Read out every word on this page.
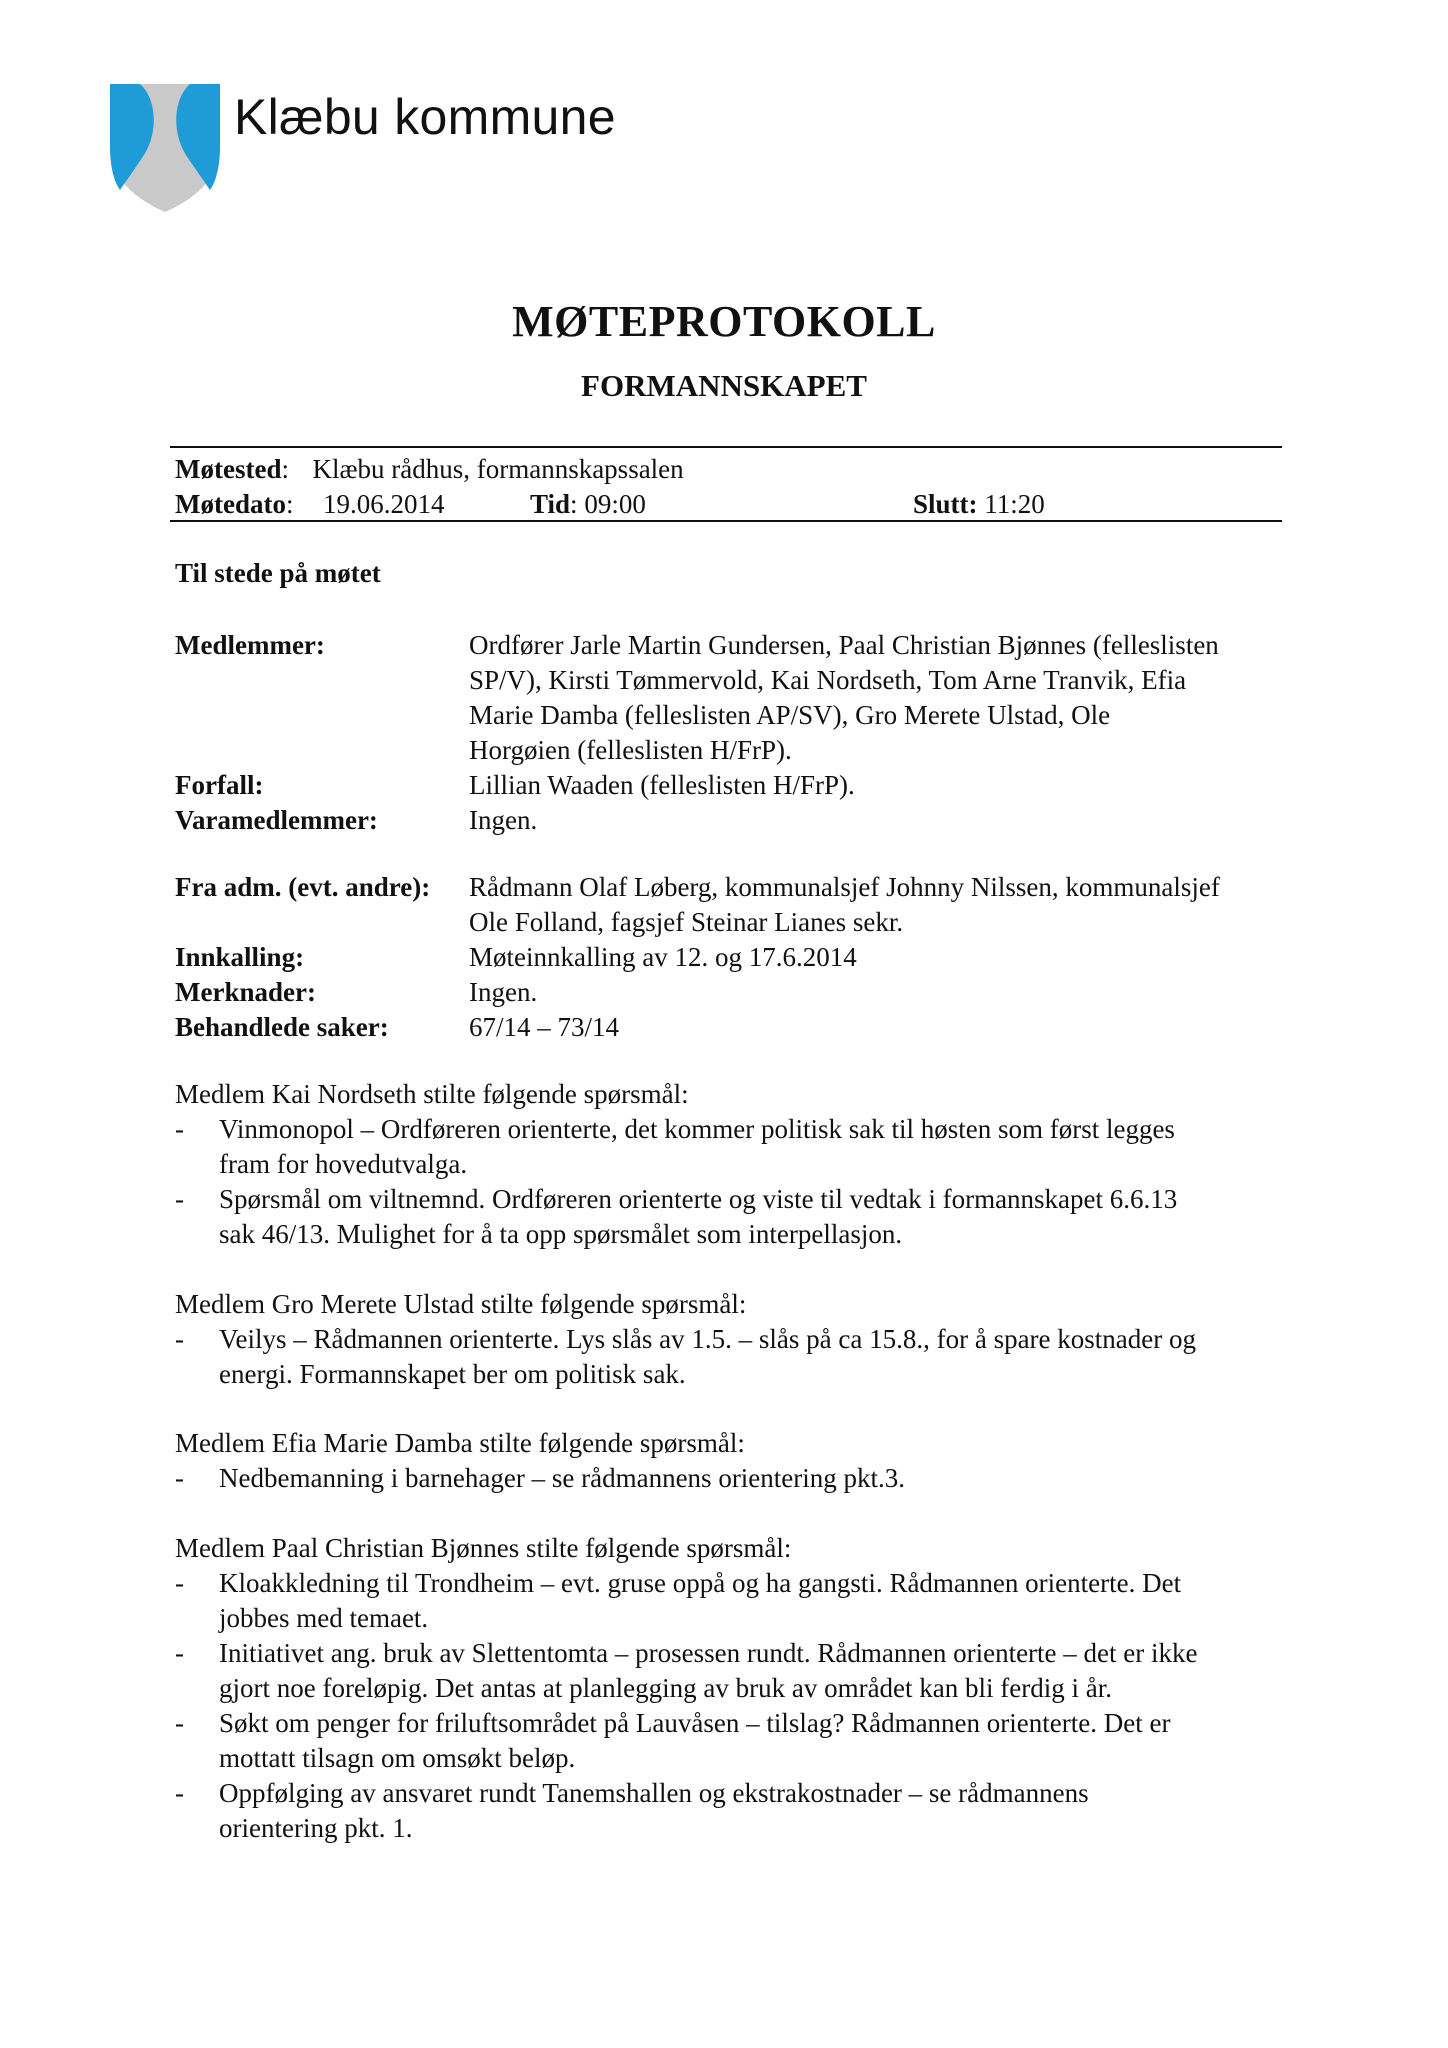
Klæbu kommune
MØTEPROTOKOLL
FORMANNSKAPET
Møtested: Klæbu rådhus, formannskapssalen
Møtedato: 19.06.2014	Tid: 09:00	Slutt: 11:20
Til stede på møtet
Medlemmer:	Ordfører Jarle Martin Gundersen, Paal Christian Bjønnes (felleslisten
SP/V), Kirsti Tømmervold, Kai Nordseth, Tom Arne Tranvik, Efia
Marie Damba (felleslisten AP/SV), Gro Merete Ulstad, Ole
Horgøien (felleslisten H/FrP).
Forfall:	Lillian Waaden (felleslisten H/FrP).
Varamedlemmer:	Ingen.
Fra adm. (evt. andre):	Rådmann Olaf Løberg, kommunalsjef Johnny Nilssen, kommunalsjef
Ole Folland, fagsjef Steinar Lianes sekr.
Innkalling:	Møteinnkalling av 12. og 17.6.2014
Merknader:	Ingen.
Behandlede saker:	67/14 – 73/14
Medlem Kai Nordseth stilte følgende spørsmål:
-	Vinmonopol – Ordføreren orienterte, det kommer politisk sak til høsten som først legges
fram for hovedutvalga.
-	Spørsmål om viltnemnd. Ordføreren orienterte og viste til vedtak i formannskapet 6.6.13
sak 46/13. Mulighet for å ta opp spørsmålet som interpellasjon.
Medlem Gro Merete Ulstad stilte følgende spørsmål:
-	Veilys – Rådmannen orienterte. Lys slås av 1.5. – slås på ca 15.8., for å spare kostnader og
energi. Formannskapet ber om politisk sak.
Medlem Efia Marie Damba stilte følgende spørsmål:
-	Nedbemanning i barnehager – se rådmannens orientering pkt.3.
Medlem Paal Christian Bjønnes stilte følgende spørsmål:
-	Kloakkledning til Trondheim – evt. gruse oppå og ha gangsti. Rådmannen orienterte. Det
jobbes med temaet.
-	Initiativet ang. bruk av Slettentomta – prosessen rundt. Rådmannen orienterte – det er ikke
gjort noe foreløpig. Det antas at planlegging av bruk av området kan bli ferdig i år.
-	Søkt om penger for friluftsområdet på Lauvåsen – tilslag? Rådmannen orienterte. Det er
mottatt tilsagn om omsøkt beløp.
-	Oppfølging av ansvaret rundt Tanemshallen og ekstrakostnader – se rådmannens
orientering pkt. 1.
